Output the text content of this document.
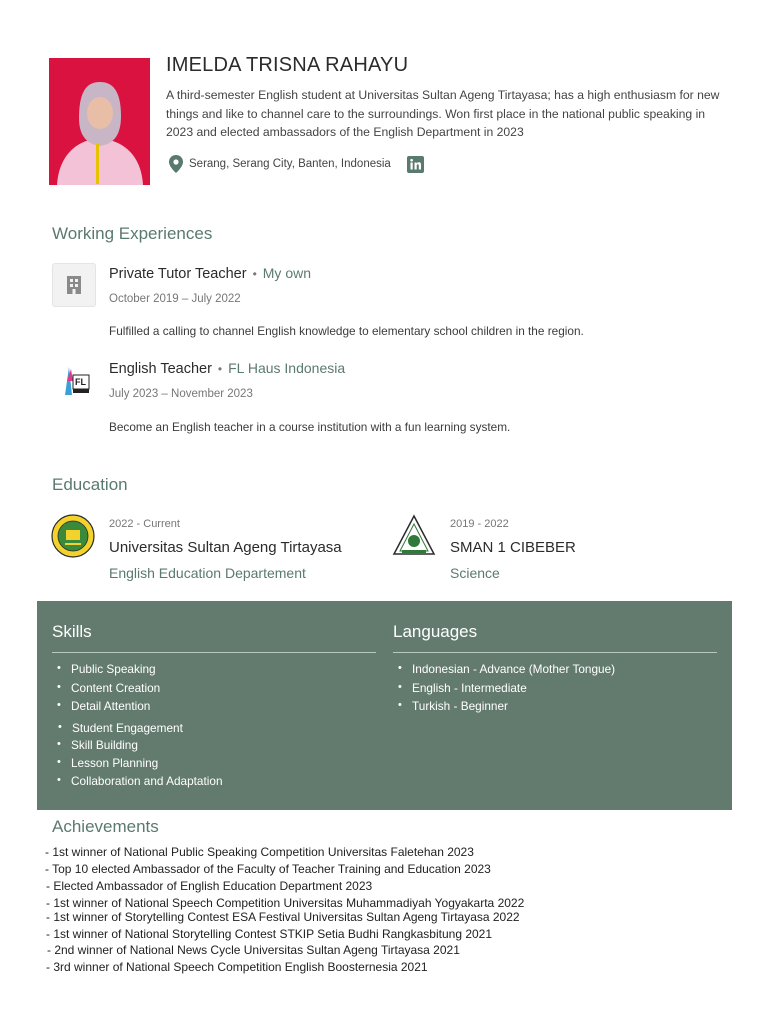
IMELDA TRISNA RAHAYU
A third-semester English student at Universitas Sultan Ageng Tirtayasa; has a high enthusiasm for new things and like to channel care to the surroundings. Won first place in the national public speaking in 2023 and elected ambassadors of the English Department in 2023
Serang, Serang City, Banten, Indonesia
Working Experiences
Private Tutor Teacher • My own
October 2019 – July 2022
Fulfilled a calling to channel English knowledge to elementary school children in the region.
FL
English Teacher • FL Haus Indonesia
July 2023 – November 2023
Become an English teacher in a course institution with a fun learning system.
Education
2022 - Current
Universitas Sultan Ageng Tirtayasa
English Education Departement
2019 - 2022
SMAN 1 CIBEBER
Science
Skills
• Public Speaking
• Content Creation
• Detail Attention
• Student Engagement
• Skill Building
• Lesson Planning
• Collaboration and Adaptation
Languages
• Indonesian - Advance (Mother Tongue)
• English - Intermediate
• Turkish - Beginner
Achievements
- 1st winner of National Public Speaking Competition Universitas Faletehan 2023
- Top 10 elected Ambassador of the Faculty of Teacher Training and Education 2023
- Elected Ambassador of English Education Department 2023
- 1st winner of National Speech Competition Universitas Muhammadiyah Yogyakarta 2022
- 1st winner of Storytelling Contest ESA Festival Universitas Sultan Ageng Tirtayasa 2022
- 1st winner of National Storytelling Contest STKIP Setia Budhi Rangkasbitung 2021
- 2nd winner of National News Cycle Universitas Sultan Ageng Tirtayasa 2021
- 3rd winner of National Speech Competition English Boosternesia 2021
